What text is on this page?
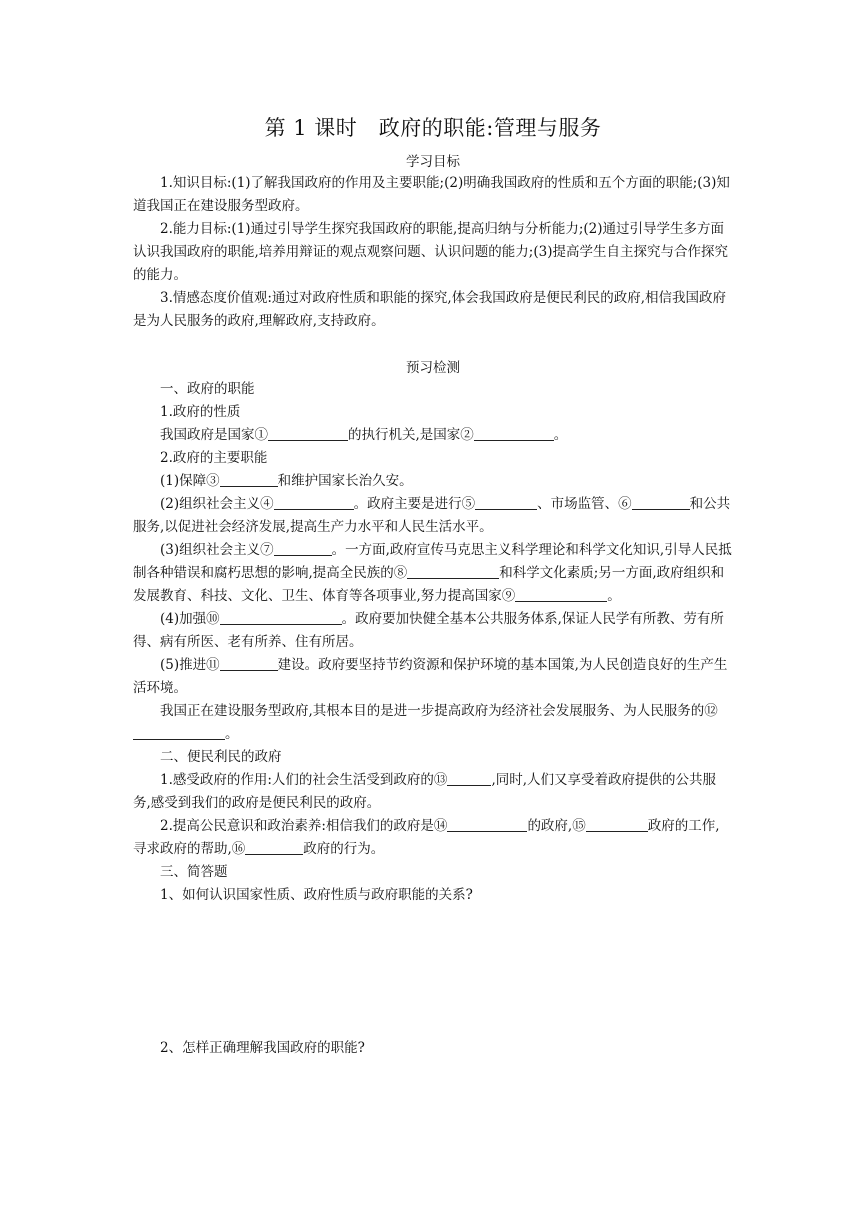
第 1 课时　政府的职能:管理与服务
学习目标

1.知识目标:(1)了解我国政府的作用及主要职能;(2)明确我国政府的性质和五个方面的职能;(3)知道我国正在建设服务型政府。

2.能力目标:(1)通过引导学生探究我国政府的职能,提高归纳与分析能力;(2)通过引导学生多方面认识我国政府的职能,培养用辩证的观点观察问题、认识问题的能力;(3)提高学生自主探究与合作探究的能力。

3.情感态度价值观:通过对政府性质和职能的探究,体会我国政府是便民利民的政府,相信我国政府是为人民服务的政府,理解政府,支持政府。

预习检测

一、政府的职能

1.政府的性质

我国政府是国家①	的执行机关,是国家②	。

2.政府的主要职能

(1)保障③	和维护国家长治久安。

(2)组织社会主义④	。政府主要是进行⑤	、市场监管、⑥	和公共服务,以促进社会经济发展,提高生产力水平和人民生活水平。

(3)组织社会主义⑦	。一方面,政府宣传马克思主义科学理论和科学文化知识,引导人民抵制各种错误和腐朽思想的影响,提高全民族的⑧	和科学文化素质;另一方面,政府组织和发展教育、科技、文化、卫生、体育等各项事业,努力提高国家⑨	。

(4)加强⑩	。政府要加快健全基本公共服务体系,保证人民学有所教、劳有所得、病有所医、老有所养、住有所居。

(5)推进⑪	建设。政府要坚持节约资源和保护环境的基本国策,为人民创造良好的生产生活环境。

我国正在建设服务型政府,其根本目的是进一步提高政府为经济社会发展服务、为人民服务的⑫。

二、便民利民的政府

1.感受政府的作用:人们的社会生活受到政府的⑬	,同时,人们又享受着政府提供的公共服务,感受到我们的政府是便民利民的政府。

2.提高公民意识和政治素养:相信我们的政府是⑭	的政府,⑮	政府的工作,寻求政府的帮助,⑯	政府的行为。

三、简答题

1、如何认识国家性质、政府性质与政府职能的关系?

2、怎样正确理解我国政府的职能?
